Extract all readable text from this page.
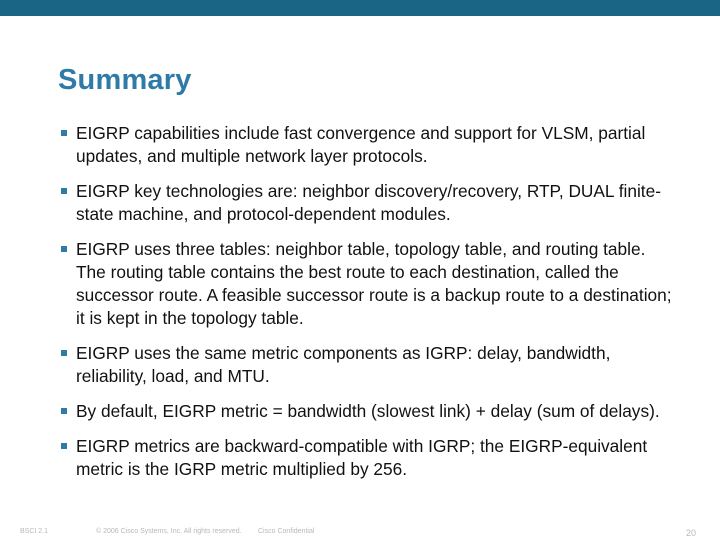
Summary
EIGRP capabilities include fast convergence and support for VLSM, partial updates, and multiple network layer protocols.
EIGRP key technologies are: neighbor discovery/recovery, RTP, DUAL finite-state machine, and protocol-dependent modules.
EIGRP uses three tables: neighbor table, topology table, and routing table. The routing table contains the best route to each destination, called the successor route. A feasible successor route is a backup route to a destination; it is kept in the topology table.
EIGRP uses the same metric components as IGRP: delay, bandwidth, reliability, load, and MTU.
By default, EIGRP metric = bandwidth (slowest link) + delay (sum of delays).
EIGRP metrics are backward-compatible with IGRP; the EIGRP-equivalent metric is the IGRP metric multiplied by 256.
BSCI 2.1	© 2006 Cisco Systems, Inc. All rights reserved. Cisco Confidential	20
